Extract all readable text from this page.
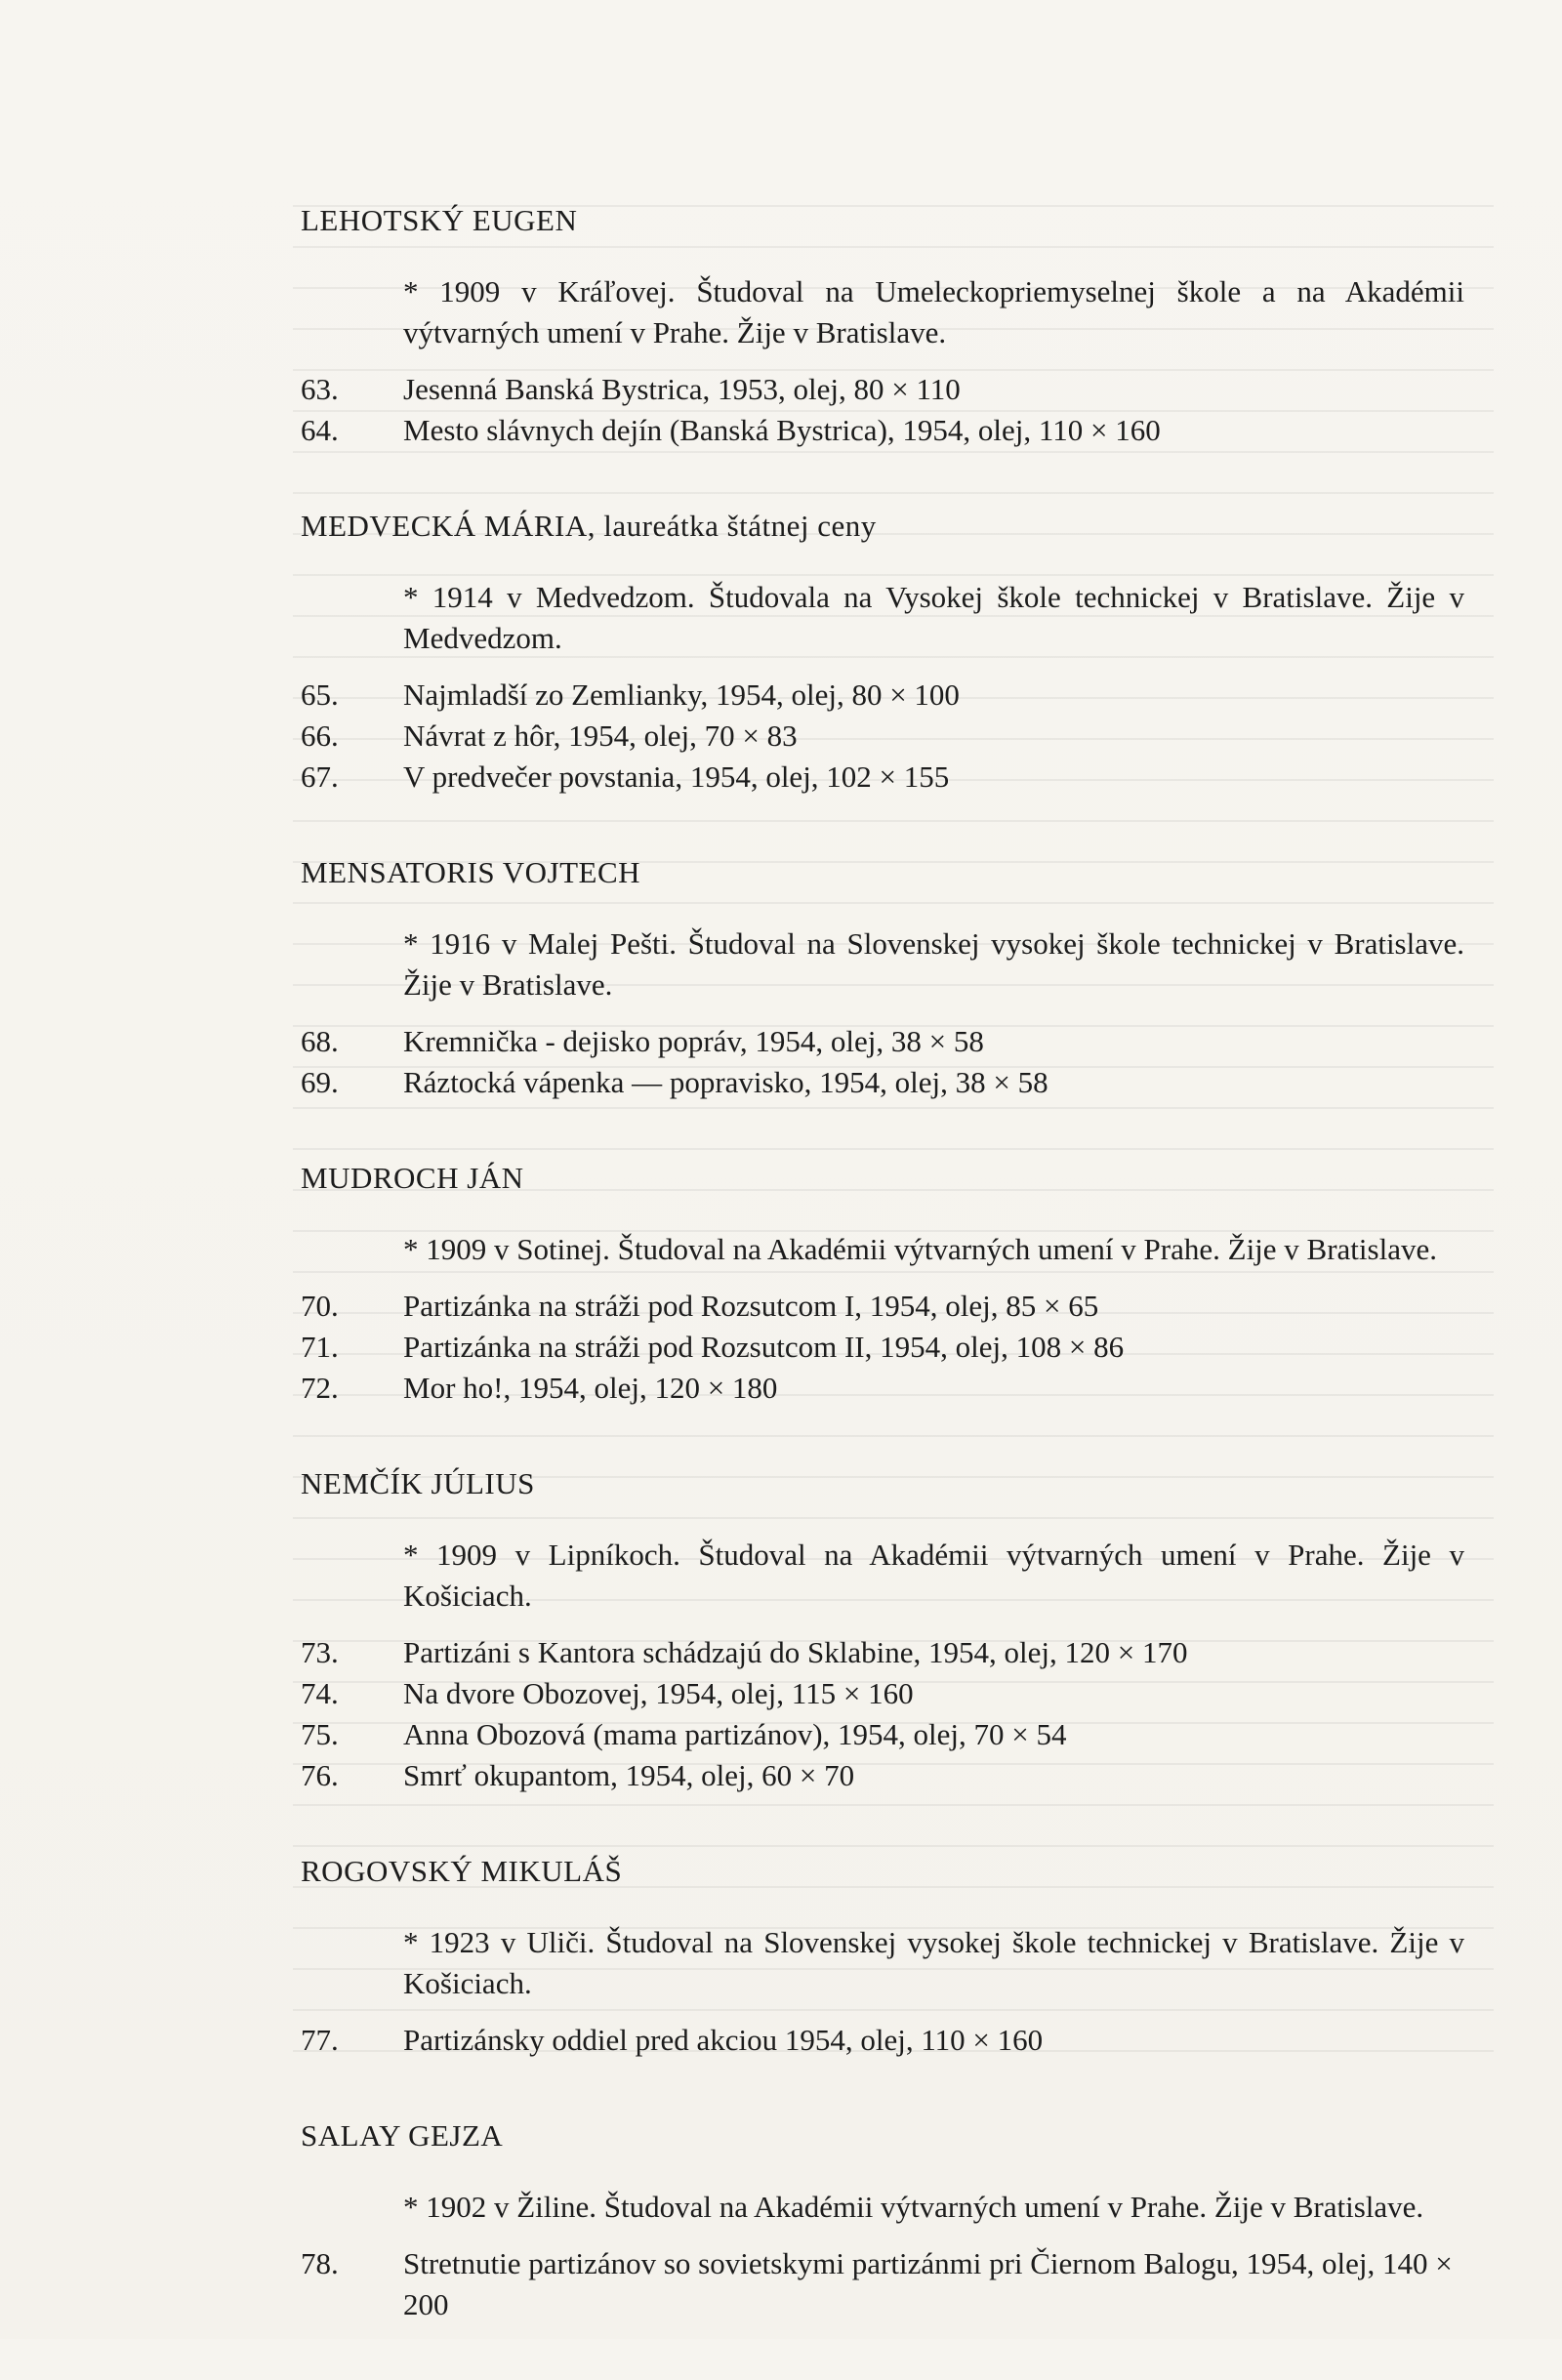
LEHOTSKÝ EUGEN

* 1909 v Kráľovej. Študoval na Umeleckopriemyselnej škole a na Akadémii výtvarných umení v Prahe. Žije v Bratislave.

63.	Jesenná Banská Bystrica, 1953, olej, 80 × 110
64.	Mesto slávnych dejín (Banská Bystrica), 1954, olej, 110 × 160
MEDVECKÁ MÁRIA, laureátka štátnej ceny

* 1914 v Medvedzom. Študovala na Vysokej škole technickej v Bratislave. Žije v Medvedzom.

65.	Najmladší zo Zemlianky, 1954, olej, 80 × 100
66.	Návrat z hôr, 1954, olej, 70 × 83
67.	V predvečer povstania, 1954, olej, 102 × 155
MENSATORIS VOJTECH

* 1916 v Malej Pešti. Študoval na Slovenskej vysokej škole technickej v Bratislave. Žije v Bratislave.

68.	Kremnička - dejisko popráv, 1954, olej, 38 × 58
69.	Ráztocká vápenka — popravisko, 1954, olej, 38 × 58
MUDROCH JÁN

* 1909 v Sotinej. Študoval na Akadémii výtvarných umení v Prahe. Žije v Bratislave.

70.	Partizánka na stráži pod Rozsutcom I, 1954, olej, 85 × 65
71.	Partizánka na stráži pod Rozsutcom II, 1954, olej, 108 × 86
72.	Mor ho!, 1954, olej, 120 × 180
NEMČÍK JÚLIUS

* 1909 v Lipníkoch. Študoval na Akadémii výtvarných umení v Prahe. Žije v Košiciach.

73.	Partizáni s Kantora schádzajú do Sklabine, 1954, olej, 120 × 170
74.	Na dvore Obozovej, 1954, olej, 115 × 160
75.	Anna Obozová (mama partizánov), 1954, olej, 70 × 54
76.	Smrť okupantom, 1954, olej, 60 × 70
ROGOVSKÝ MIKULÁŠ

* 1923 v Uliči. Študoval na Slovenskej vysokej škole technickej v Bratislave. Žije v Košiciach.

77.	Partizánsky oddiel pred akciou 1954, olej, 110 × 160
SALAY GEJZA

* 1902 v Žiline. Študoval na Akadémii výtvarných umení v Prahe. Žije v Bratislave.

78.	Stretnutie partizánov so sovietskymi partizánmi pri Čiernom Balogu, 1954, olej, 140 × 200
